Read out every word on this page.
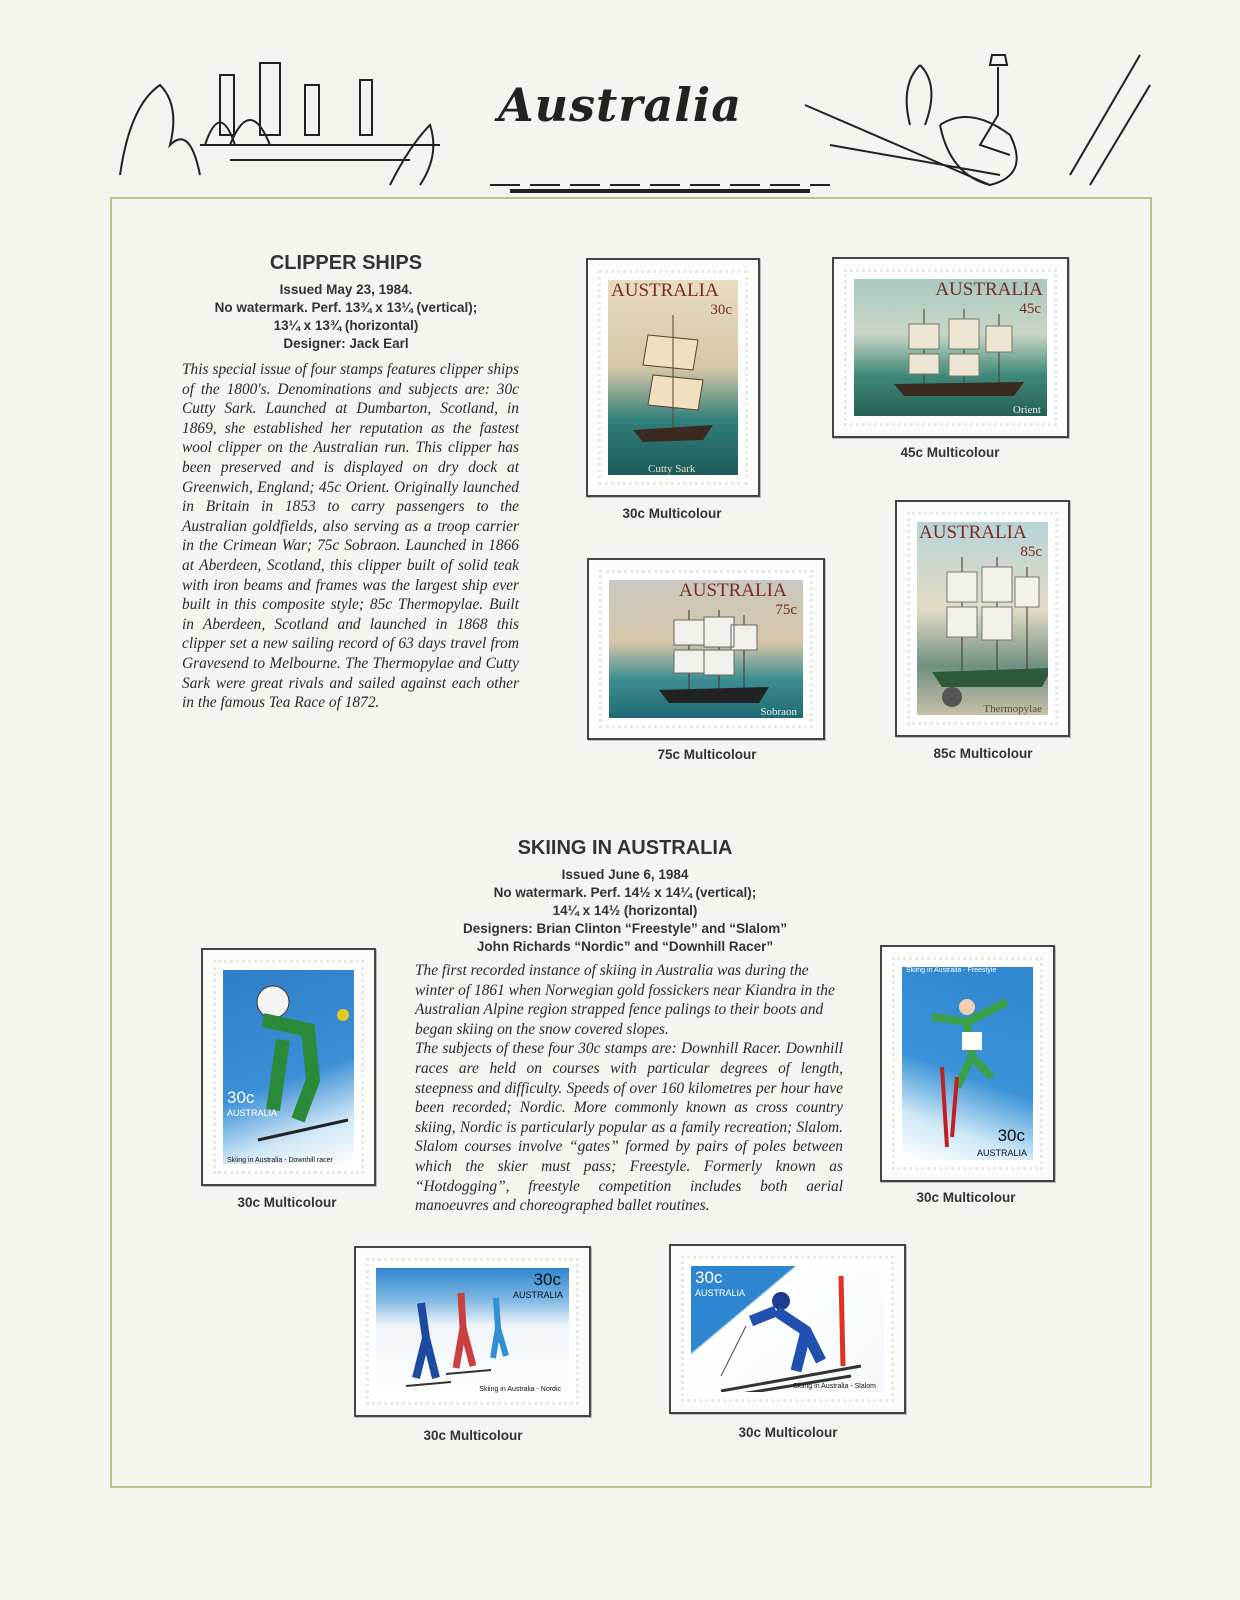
Australia
CLIPPER SHIPS
Issued May 23, 1984.
No watermark. Perf. 13¾ x 13¼ (vertical);
13¼ x 13¾ (horizontal)
Designer: Jack Earl
This special issue of four stamps features clipper ships of the 1800's. Denominations and subjects are: 30c Cutty Sark. Launched at Dumbarton, Scotland, in 1869, she established her reputation as the fastest wool clipper on the Australian run. This clipper has been preserved and is displayed on dry dock at Greenwich, England; 45c Orient. Originally launched in Britain in 1853 to carry passengers to the Australian goldfields, also serving as a troop carrier in the Crimean War; 75c Sobraon. Launched in 1866 at Aberdeen, Scotland, this clipper built of solid teak with iron beams and frames was the largest ship ever built in this composite style; 85c Thermopylae. Built in Aberdeen, Scotland and launched in 1868 this clipper set a new sailing record of 63 days travel from Gravesend to Melbourne. The Thermopylae and Cutty Sark were great rivals and sailed against each other in the famous Tea Race of 1872.
AUSTRALIA
30c
Cutty Sark
30c Multicolour
AUSTRALIA
45c
Orient
45c Multicolour
AUSTRALIA
75c
Sobraon
75c Multicolour
AUSTRALIA
85c
Thermopylae
85c Multicolour
SKIING IN AUSTRALIA
Issued June 6, 1984
No watermark. Perf. 14½ x 14¼ (vertical);
14¼ x 14½ (horizontal)
Designers: Brian Clinton “Freestyle” and “Slalom”
John Richards “Nordic” and “Downhill Racer”
The first recorded instance of skiing in Australia was during the winter of 1861 when Norwegian gold fossickers near Kiandra in the Australian Alpine region strapped fence palings to their boots and began skiing on the snow covered slopes.
The subjects of these four 30c stamps are: Downhill Racer. Downhill races are held on courses with particular degrees of length, steepness and difficulty. Speeds of over 160 kilometres per hour have been recorded; Nordic. More commonly known as cross country skiing, Nordic is particularly popular as a family recreation; Slalom. Slalom courses involve “gates” formed by pairs of poles between which the skier must pass; Freestyle. Formerly known as “Hotdogging”, freestyle competition includes both aerial manoeuvres and choreographed ballet routines.
30c
AUSTRALIA
Skiing in Australia - Downhill racer
30c Multicolour
Skiing in Australia - Freestyle
30c
AUSTRALIA
30c Multicolour
30c
AUSTRALIA
Skiing in Australia - Nordic
30c Multicolour
30c
AUSTRALIA
Skiing in Australia - Slalom
30c Multicolour
